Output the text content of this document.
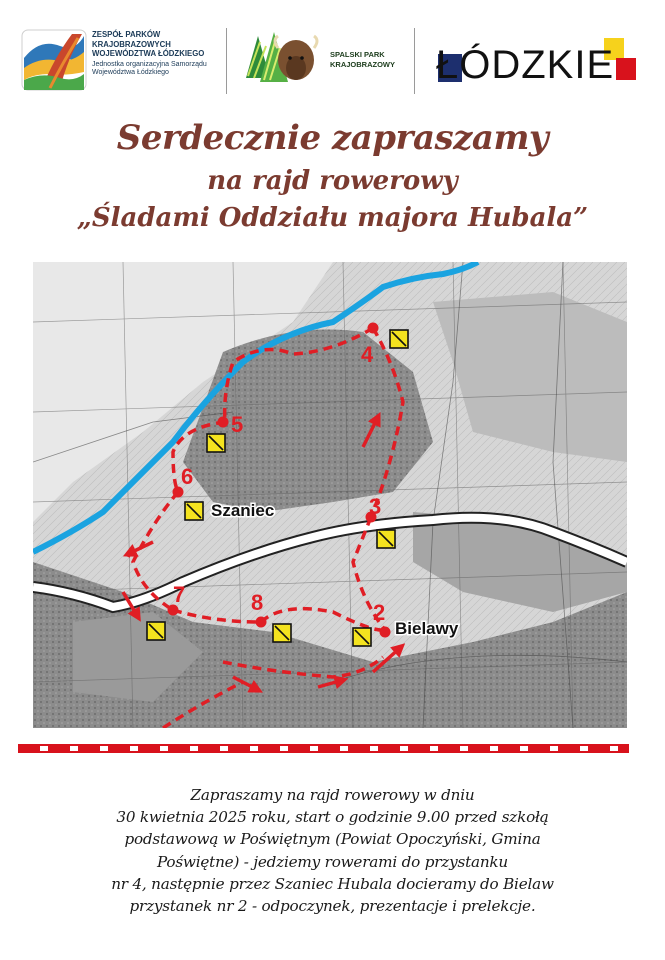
ZESPÓŁ PARKÓW
KRAJOBRAZOWYCH
WOJEWÓDZTWA ŁÓDZKIEGO
Jednostka organizacyjna Samorządu
Województwa Łódzkiego
SPALSKI PARK
KRAJOBRAZOWY	ŁÓDZKIE
Serdecznie zapraszamy
na rajd rowerowy
„Śladami Oddziału majora Hubala”
4
5
6
3
7	8	2
Szaniec
Bielawy
Zapraszamy na rajd rowerowy w dniu
30 kwietnia 2025 roku, start o godzinie 9.00 przed szkołą
podstawową w Poświętnym (Powiat Opoczyński, Gmina
Poświętne) - jedziemy rowerami do przystanku
nr 4, następnie przez Szaniec Hubala docieramy do Bielaw
przystanek nr 2 - odpoczynek, prezentacje i prelekcje.
